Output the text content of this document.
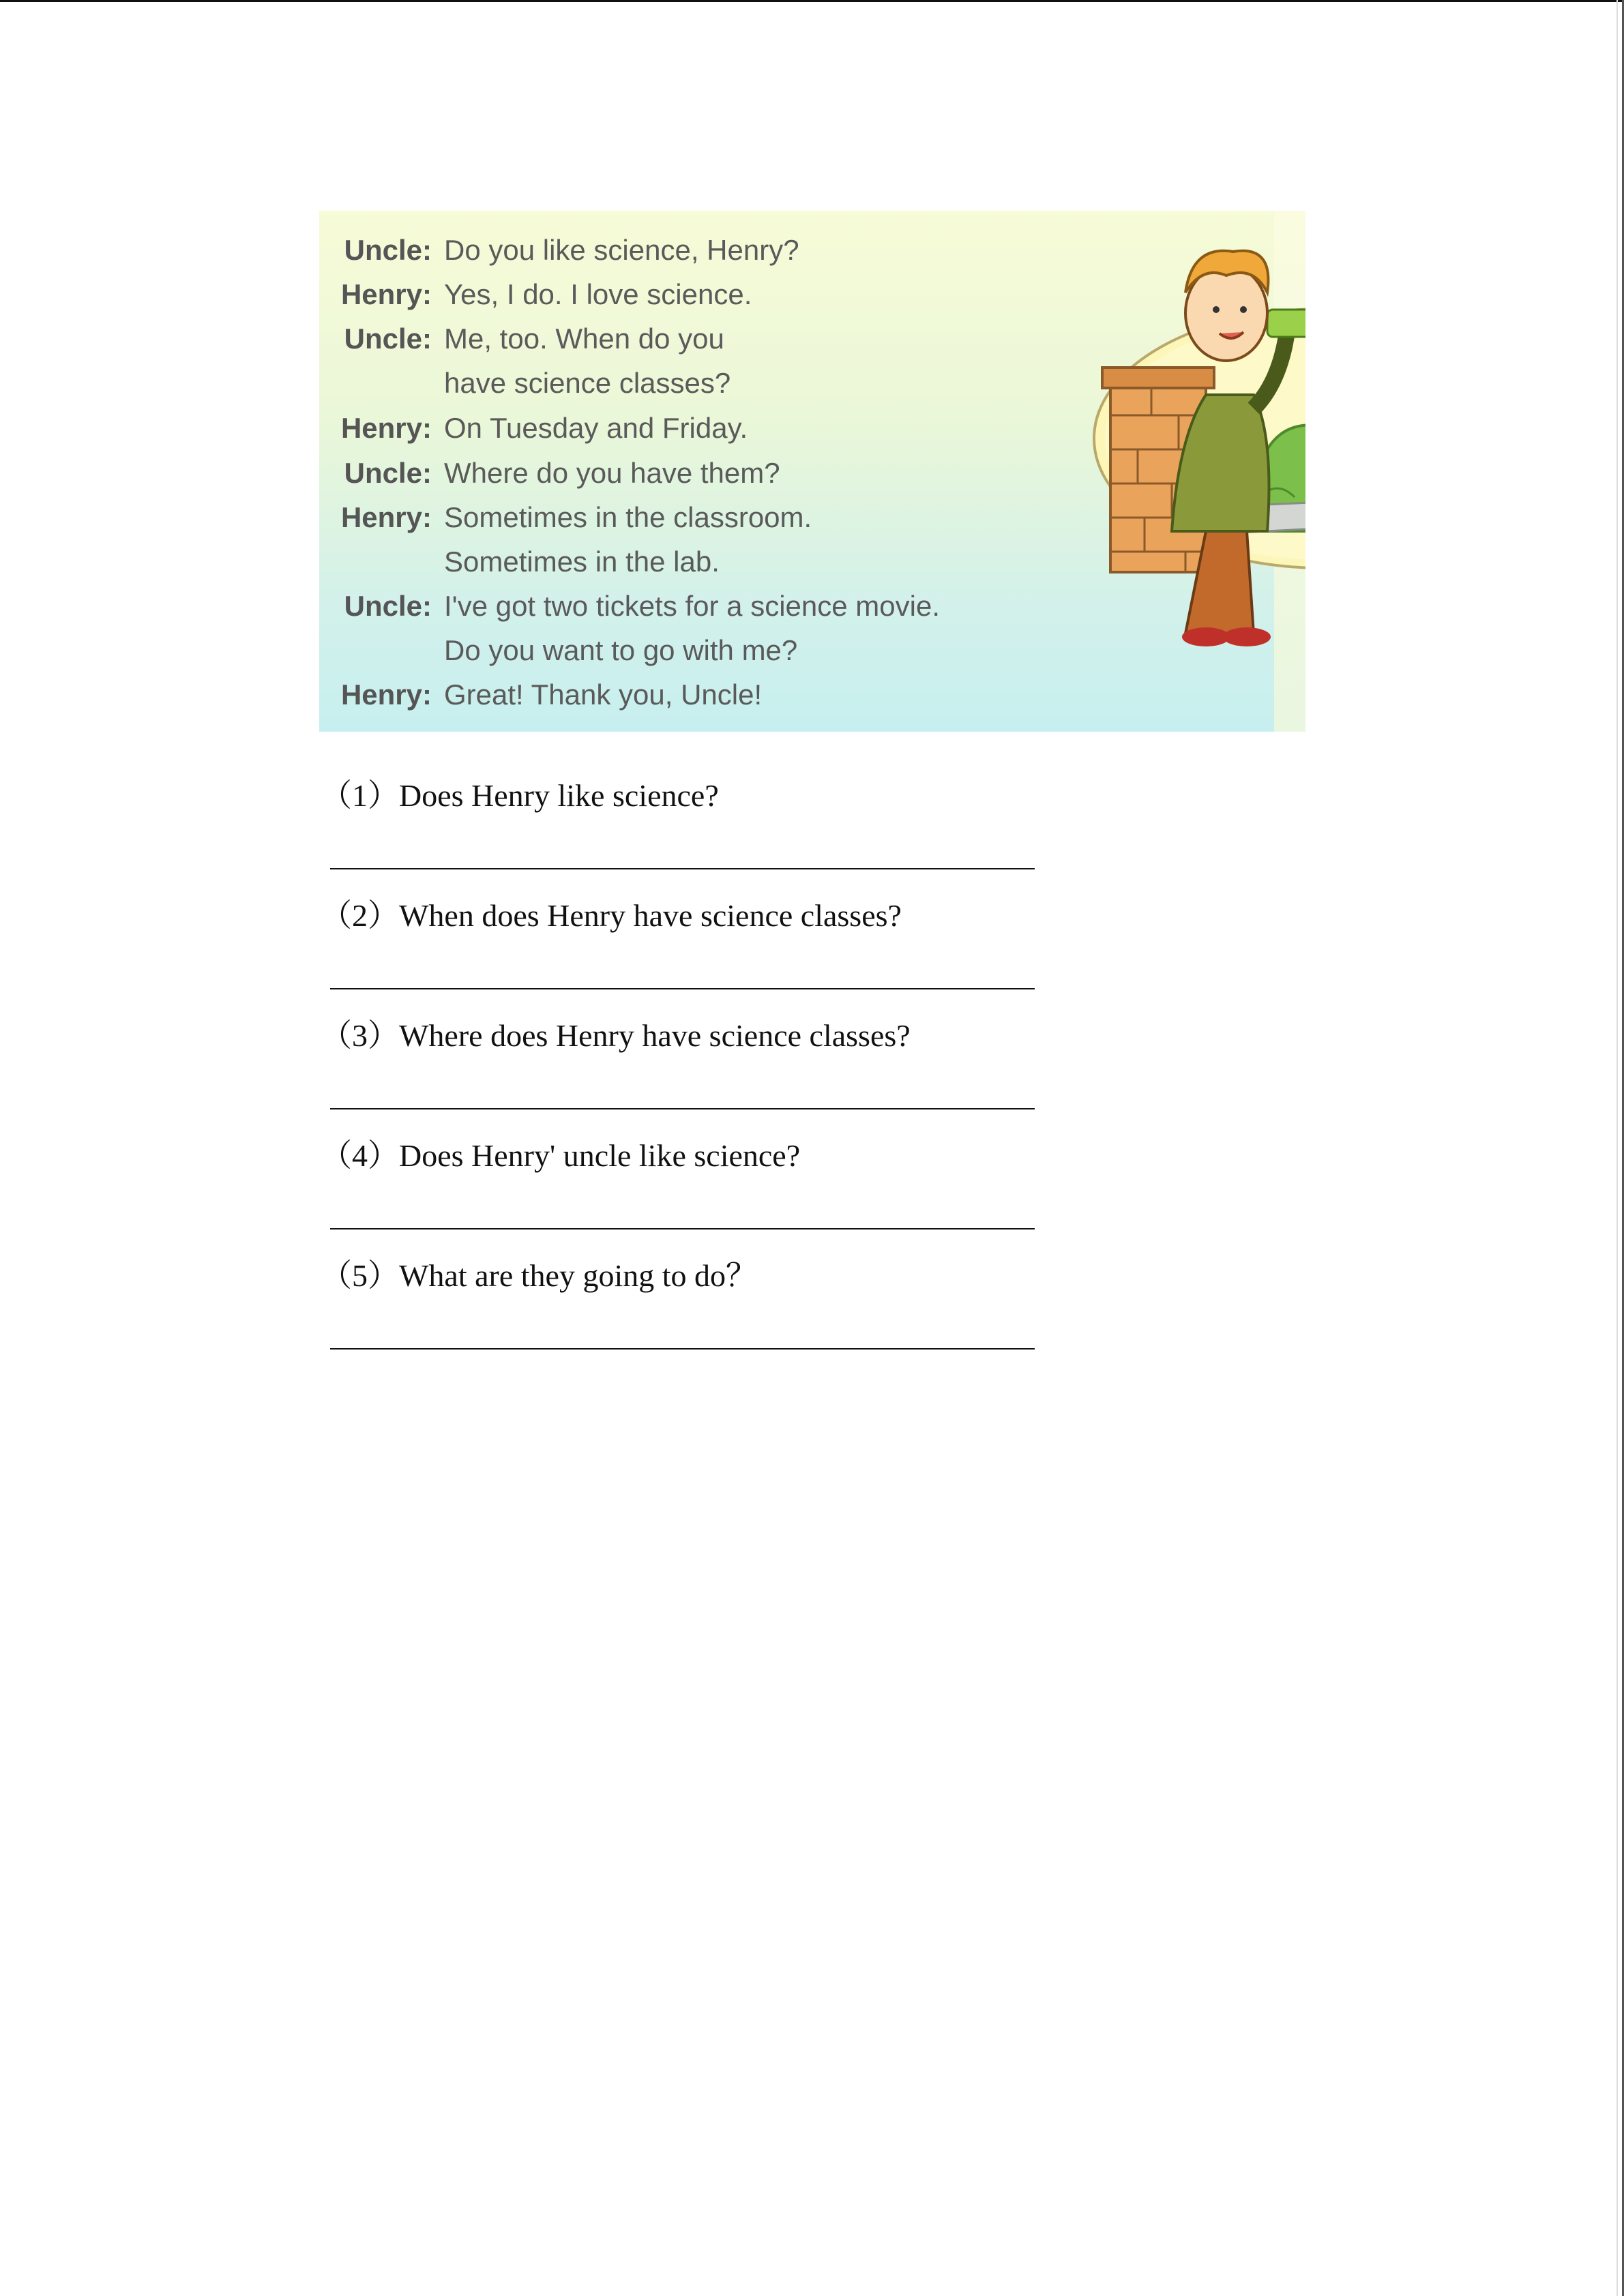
Uncle: Do you like science, Henry?
Henry: Yes, I do. I love science.
Uncle: Me, too. When do you
have science classes?
Henry: On Tuesday and Friday.
Uncle: Where do you have them?
Henry: Sometimes in the classroom.
Sometimes in the lab.
Uncle: I've got two tickets for a science movie.
Do you want to go with me?
Henry: Great! Thank you, Uncle!
（1）Does Henry like science?
（2）When does Henry have science classes?
（3）Where does Henry have science classes?
（4）Does Henry' uncle like science?
（5）What are they going to do？
